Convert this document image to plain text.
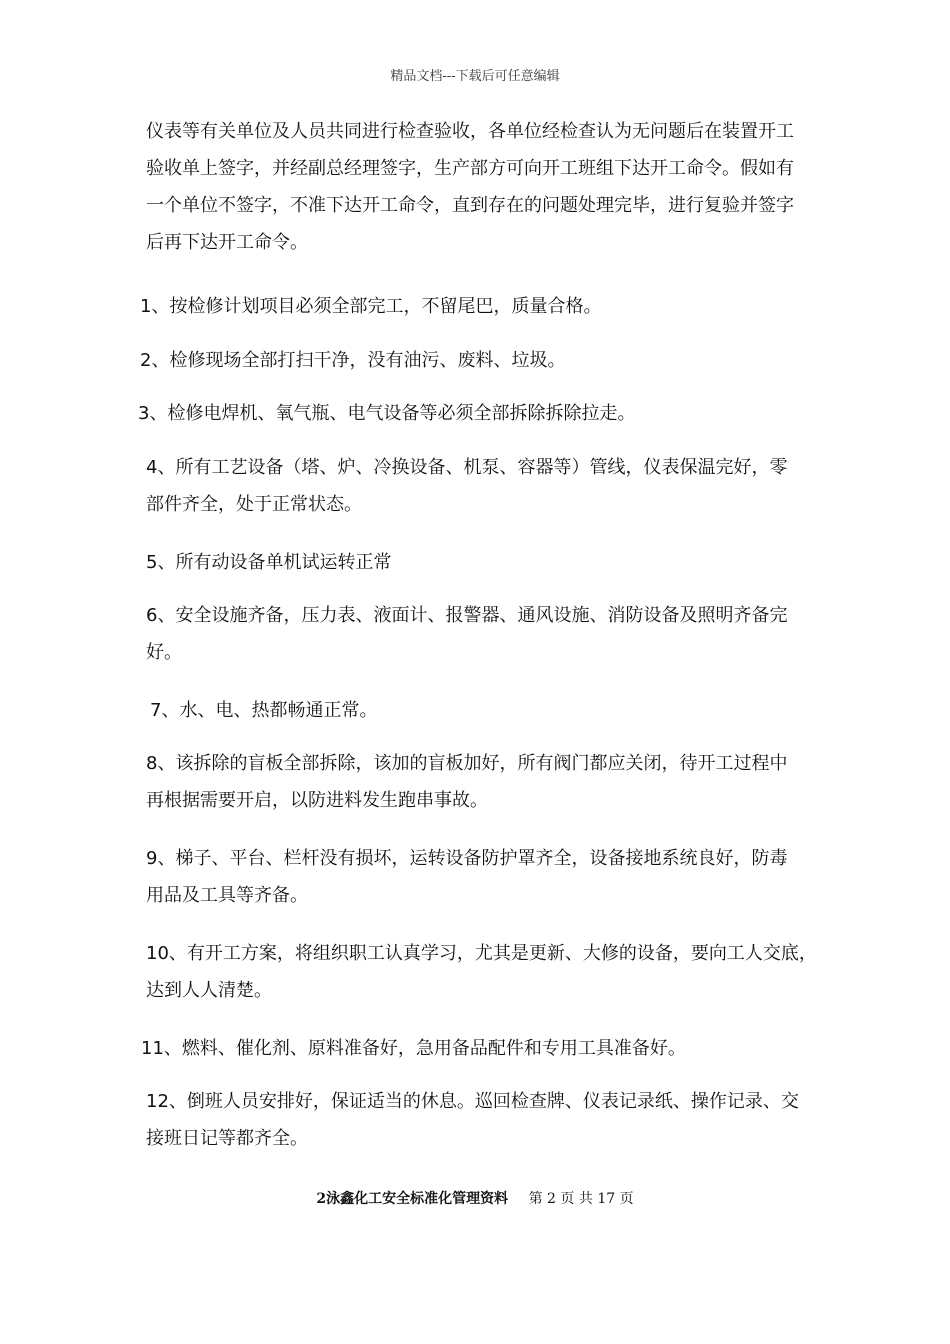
精品文档---下载后可任意编辑
仪表等有关单位及人员共同进行检查验收，各单位经检查认为无问题后在装置开工
验收单上签字，并经副总经理签字，生产部方可向开工班组下达开工命令。假如有
一个单位不签字，不准下达开工命令，直到存在的问题处理完毕，进行复验并签字
后再下达开工命令。
1、按检修计划项目必须全部完工，不留尾巴，质量合格。
2、检修现场全部打扫干净，没有油污、废料、垃圾。
3、检修电焊机、氧气瓶、电气设备等必须全部拆除拆除拉走。
4、所有工艺设备（塔、炉、冷换设备、机泵、容器等）管线，仪表保温完好，零
部件齐全，处于正常状态。
5、所有动设备单机试运转正常
6、安全设施齐备，压力表、液面计、报警器、通风设施、消防设备及照明齐备完
好。
7、水、电、热都畅通正常。
8、该拆除的盲板全部拆除，该加的盲板加好，所有阀门都应关闭，待开工过程中
再根据需要开启，以防进料发生跑串事故。
9、梯子、平台、栏杆没有损坏，运转设备防护罩齐全，设备接地系统良好，防毒
用品及工具等齐备。
10、有开工方案，将组织职工认真学习，尤其是更新、大修的设备，要向工人交底，
达到人人清楚。
11、燃料、催化剂、原料准备好，急用备品配件和专用工具准备好。
12、倒班人员安排好，保证适当的休息。巡回检查牌、仪表记录纸、操作记录、交
接班日记等都齐全。
2泳鑫化工安全标准化管理资料 第 2 页 共 17 页
